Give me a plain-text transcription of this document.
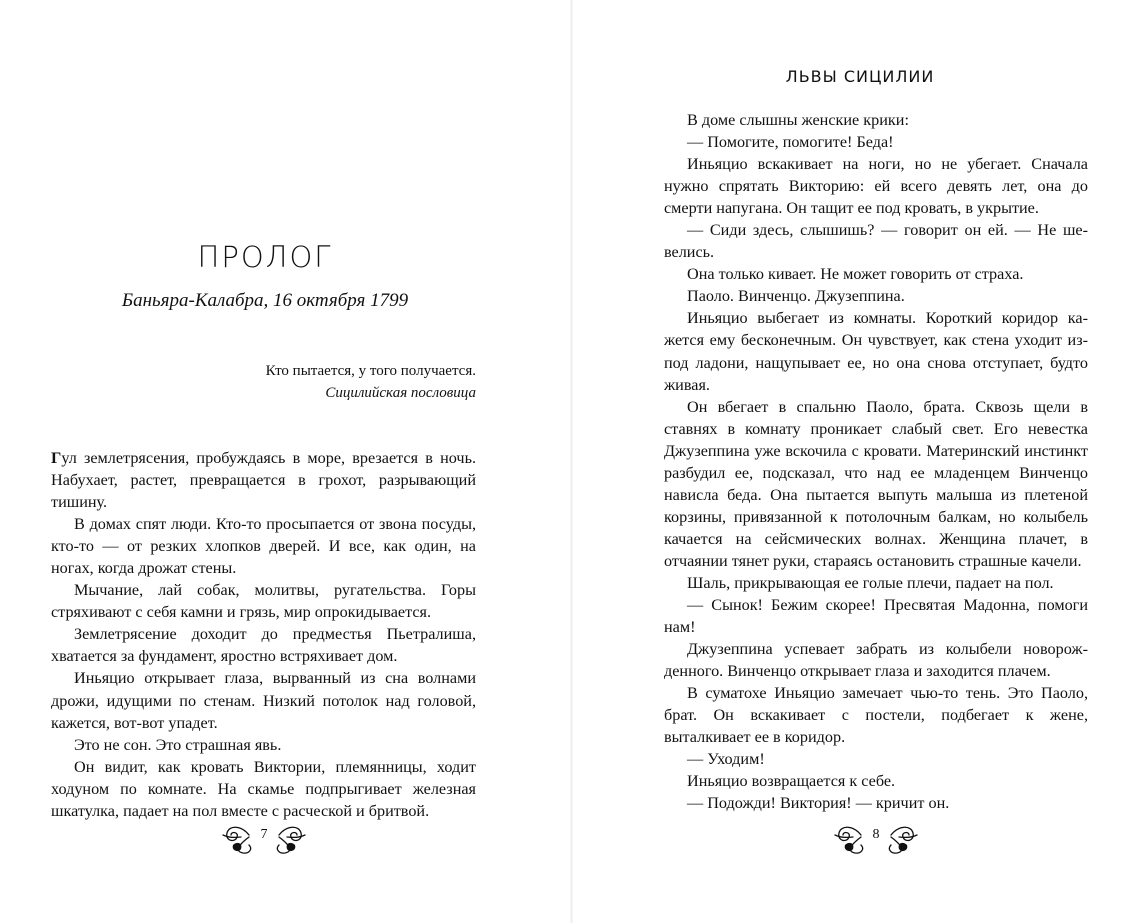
ПРОЛОГ
Баньяра-Калабра, 16 октября 1799
Кто пытается, у того получается.
Сицилийская пословица

Гул землетрясения, пробуждаясь в море, врезается в ночь. Набухает, растет, превращается в грохот, разрывающий тишину.

В домах спят люди. Кто-то просыпается от звона посуды, кто-то — от резких хлопков дверей. И все, как один, на ногах, когда дрожат стены.

Мычание, лай собак, молитвы, ругательства. Горы стряхивают с себя камни и грязь, мир опрокидывается.

Землетрясение доходит до предместья Пьетралиша, хватается за фундамент, яростно встряхивает дом.

Иньяцио открывает глаза, вырванный из сна волнами дрожи, идущими по стенам. Низкий потолок над головой, кажется, вот-вот упадет.

Это не сон. Это страшная явь.

Он видит, как кровать Виктории, племянницы, ходит ходуном по комнате. На скамье подпрыгивает железная шкатулка, падает на пол вместе с расческой и бритвой.

7
ЛЬВЫ СИЦИЛИИ

В доме слышны женские крики:

— Помогите, помогите! Беда!

Иньяцио вскакивает на ноги, но не убегает. Сначала нужно спрятать Викторию: ей всего девять лет, она до смерти напугана. Он тащит ее под кровать, в укрытие.

— Сиди здесь, слышишь? — говорит он ей. — Не шевелись.

Она только кивает. Не может говорить от страха.

Паоло. Винченцо. Джузеппина.

Иньяцио выбегает из комнаты. Короткий коридор кажется ему бесконечным. Он чувствует, как стена уходит из-под ладони, нащупывает ее, но она снова отступает, будто живая.

Он вбегает в спальню Паоло, брата. Сквозь щели в ставнях в комнату проникает слабый свет. Его невестка Джузеппина уже вскочила с кровати. Материнский инстинкт разбудил ее, подсказал, что над ее младенцем Винченцо нависла беда. Она пытается выпуть малыша из плетеной корзины, привязанной к потолочным балкам, но колыбель качается на сейсмических волнах. Женщина плачет, в отчаянии тянет руки, стараясь остановить страшные качели.

Шаль, прикрывающая ее голые плечи, падает на пол.

— Сынок! Бежим скорее! Пресвятая Мадонна, помоги нам!

Джузеппина успевает забрать из колыбели новорожденного. Винченцо открывает глаза и заходится плачем.

В суматохе Иньяцио замечает чью-то тень. Это Паоло, брат. Он вскакивает с постели, подбегает к жене, выталкивает ее в коридор.

— Уходим!

Иньяцио возвращается к себе.

— Подожди! Виктория! — кричит он.

8
